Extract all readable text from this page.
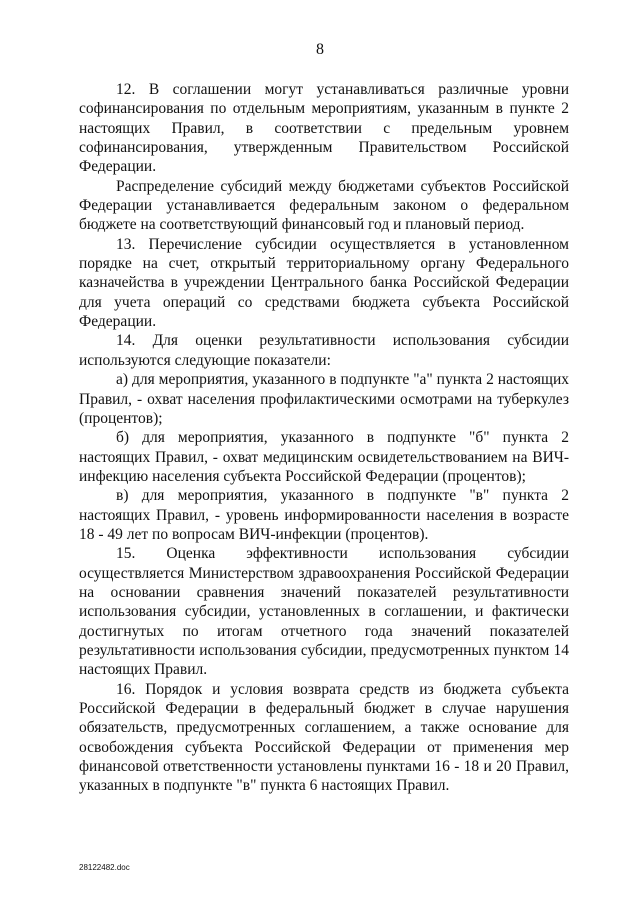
8

12. В соглашении могут устанавливаться различные уровни софинансирования по отдельным мероприятиям, указанным в пункте 2 настоящих Правил, в соответствии с предельным уровнем софинансирования, утвержденным Правительством Российской Федерации.

Распределение субсидий между бюджетами субъектов Российской Федерации устанавливается федеральным законом о федеральном бюджете на соответствующий финансовый год и плановый период.

13. Перечисление субсидии осуществляется в установленном порядке на счет, открытый территориальному органу Федерального казначейства в учреждении Центрального банка Российской Федерации для учета операций со средствами бюджета субъекта Российской Федерации.

14. Для оценки результативности использования субсидии используются следующие показатели:

а) для мероприятия, указанного в подпункте "а" пункта 2 настоящих Правил, - охват населения профилактическими осмотрами на туберкулез (процентов);

б) для мероприятия, указанного в подпункте "б" пункта 2 настоящих Правил, - охват медицинским освидетельствованием на ВИЧ-инфекцию населения субъекта Российской Федерации (процентов);

в) для мероприятия, указанного в подпункте "в" пункта 2 настоящих Правил, - уровень информированности населения в возрасте 18 - 49 лет по вопросам ВИЧ-инфекции (процентов).

15. Оценка эффективности использования субсидии осуществляется Министерством здравоохранения Российской Федерации на основании сравнения значений показателей результативности использования субсидии, установленных в соглашении, и фактически достигнутых по итогам отчетного года значений показателей результативности использования субсидии, предусмотренных пунктом 14 настоящих Правил.

16. Порядок и условия возврата средств из бюджета субъекта Российской Федерации в федеральный бюджет в случае нарушения обязательств, предусмотренных соглашением, а также основание для освобождения субъекта Российской Федерации от применения мер финансовой ответственности установлены пунктами 16 - 18 и 20 Правил, указанных в подпункте "в" пункта 6 настоящих Правил.

28122482.doc
